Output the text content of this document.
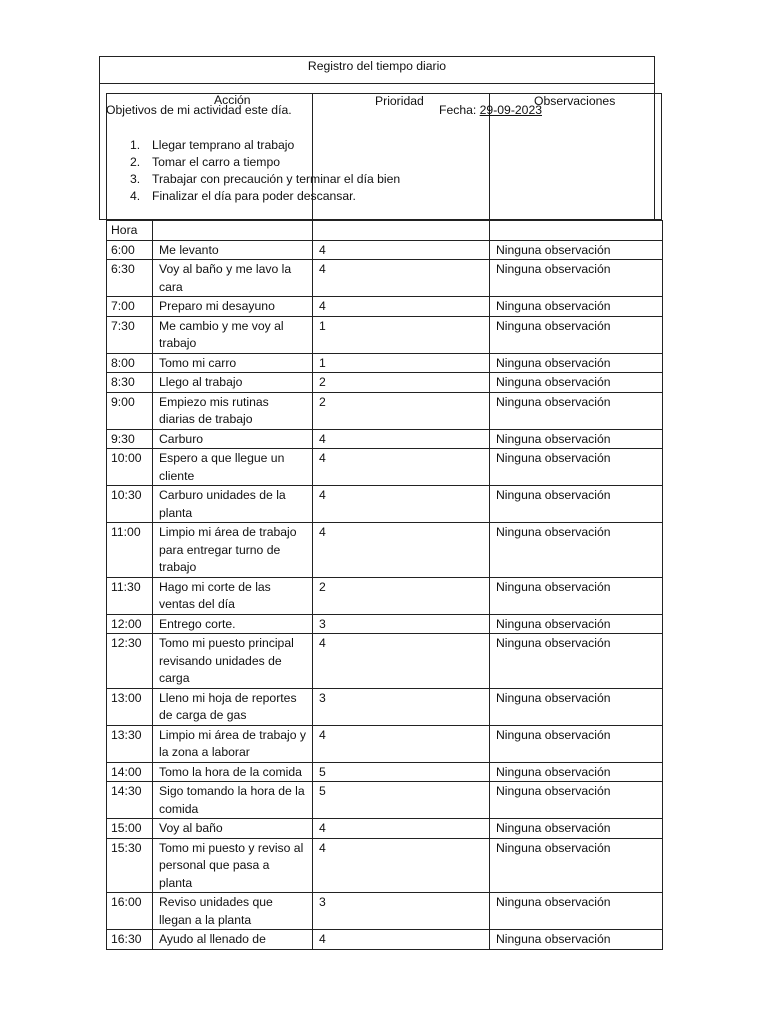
Registro del tiempo diario
Acción	Prioridad	Observaciones
Objetivos de mi actividad este día.	Fecha: 29-09-2023
1. Llegar temprano al trabajo
2. Tomar el carro a tiempo
3. Trabajar con precaución y terminar el día bien
4. Finalizar el día para poder descansar.
Hora			
6:00	Me levanto	4	Ninguna observación
6:30	Voy al baño y me lavo la cara	4	Ninguna observación
7:00	Preparo mi desayuno	4	Ninguna observación
7:30	Me cambio y me voy al trabajo	1	Ninguna observación
8:00	Tomo mi carro	1	Ninguna observación
8:30	Llego al trabajo	2	Ninguna observación
9:00	Empiezo mis rutinas diarias de trabajo	2	Ninguna observación
9:30	Carburo	4	Ninguna observación
10:00	Espero a que llegue un cliente	4	Ninguna observación
10:30	Carburo unidades de la planta	4	Ninguna observación
11:00	Limpio mi área de trabajo para entregar turno de trabajo	4	Ninguna observación
11:30	Hago mi corte de las ventas del día	2	Ninguna observación
12:00	Entrego corte.	3	Ninguna observación
12:30	Tomo mi puesto principal revisando unidades de carga	4	Ninguna observación
13:00	Lleno mi hoja de reportes de carga de gas	3	Ninguna observación
13:30	Limpio mi área de trabajo y la zona a laborar	4	Ninguna observación
14:00	Tomo la hora de la comida	5	Ninguna observación
14:30	Sigo tomando la hora de la comida	5	Ninguna observación
15:00	Voy al baño	4	Ninguna observación
15:30	Tomo mi puesto y reviso al personal que pasa a planta	4	Ninguna observación
16:00	Reviso unidades que llegan a la planta	3	Ninguna observación
16:30	Ayudo al llenado de	4	Ninguna observación
